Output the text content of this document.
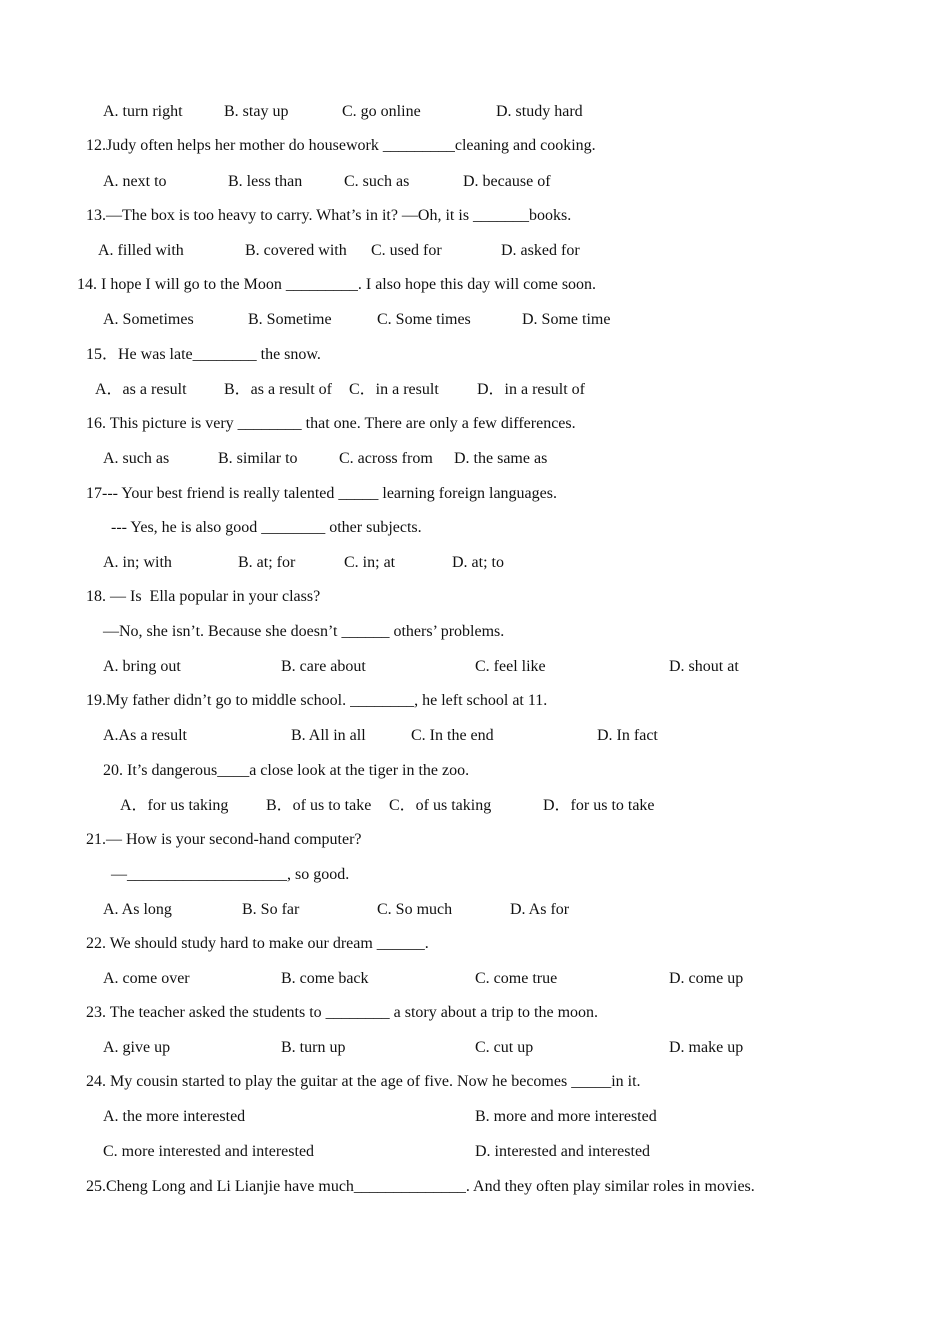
A. turn right	B. stay up	C. go online	D. study hard
12.Judy often helps her mother do housework _________cleaning and cooking.
A. next to	B. less than	C. such as	D. because of
13.—The box is too heavy to carry. What’s in it? —Oh, it is _______books.
A. filled with	B. covered with C. used for	D. asked for
14. I hope I will go to the Moon _________. I also hope this day will come soon.
A. Sometimes	B. Sometime	C. Some times	D. Some time
15．He was late________ the snow.
A．as a result B．as a result of C．in a result D．in a result of
16. This picture is very ________ that one. There are only a few differences.
A. such as	B. similar to	C. across from D. the same as
17--- Your best friend is really talented _____ learning foreign languages.
--- Yes, he is also good ________ other subjects.
A. in; with	B. at; for	C. in; at	D. at; to
18. — Is  Ella popular in your class?
—No, she isn’t. Because she doesn’t ______ others’ problems.
A. bring out	B. care about	C. feel like	D. shout at
19.My father didn’t go to middle school. ________, he left school at 11.
A.As a result	B. All in all	C. In the end	D. In fact
20. It’s dangerous____a close look at the tiger in the zoo.
A．for us taking B．of us to take C．of us taking	D．for us to take
21.— How is your second-hand computer?
—____________________, so good.
A. As long	B. So far	C. So much	D. As for
22. We should study hard to make our dream ______.
A. come over	B. come back	C. come true	D. come up
23. The teacher asked the students to ________ a story about a trip to the moon.
A. give up	B. turn up	C. cut up	D. make up
24. My cousin started to play the guitar at the age of five. Now he becomes _____in it.
A. the more interested	B. more and more interested
C. more interested and interested	D. interested and interested
25.Cheng Long and Li Lianjie have much______________. And they often play similar roles in movies.
